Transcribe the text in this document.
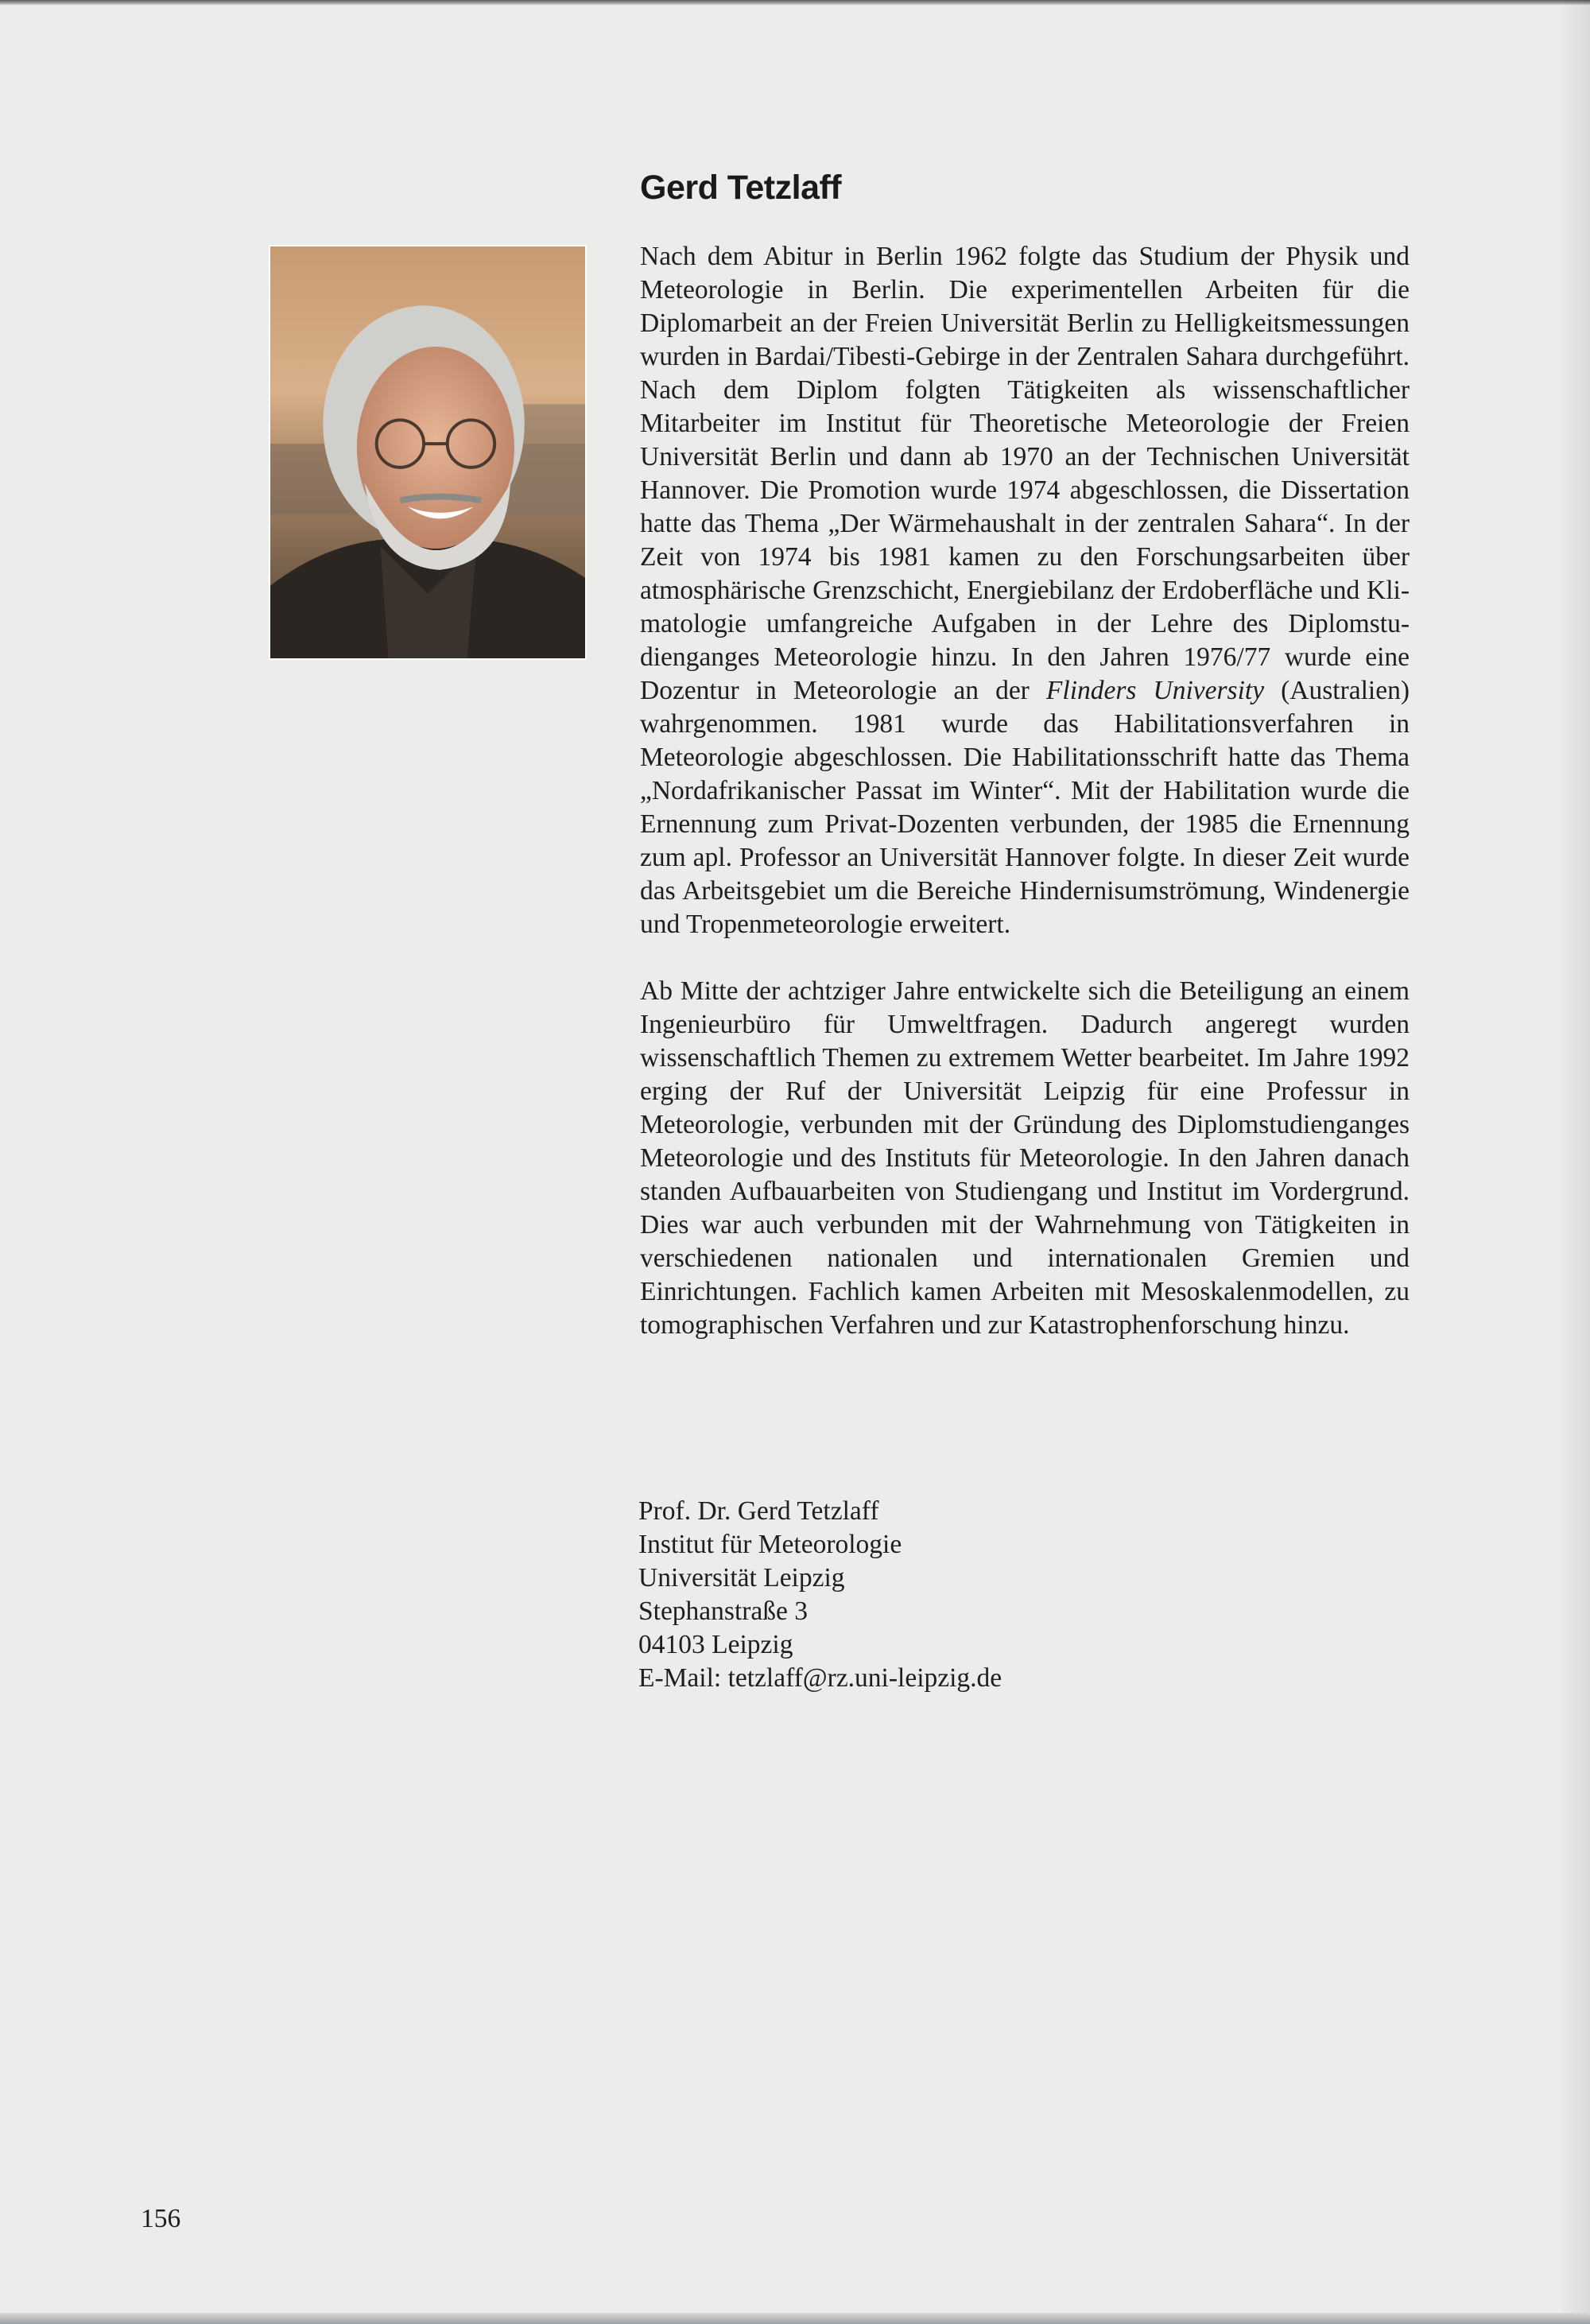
Gerd Tetzlaff

Nach dem Abitur in Berlin 1962 folgte das Studium der Physik und Meteorologie in Berlin. Die experimentellen Arbeiten für die Diplomarbeit an der Freien Universität Berlin zu Helligkeitsmessungen wurden in Bardai/Tibesti-Gebirge in der Zentralen Sahara durchgeführt. Nach dem Diplom folgten Tätigkeiten als wissenschaftlicher Mitarbeiter im Institut für Theoretische Meteorologie der Freien Universität Berlin und dann ab 1970 an der Technischen Universität Hannover. Die Promotion wurde 1974 abgeschlossen, die Dissertation hatte das Thema „Der Wärmehaushalt in der zentralen Sahara“. In der Zeit von 1974 bis 1981 kamen zu den Forschungsarbeiten über atmosphärische Grenzschicht, Energiebilanz der Erdoberfläche und Klimatologie umfangreiche Aufgaben in der Lehre des Diplomstudienganges Meteorologie hinzu. In den Jahren 1976/77 wurde eine Dozentur in Meteorologie an der Flinders University (Australien) wahrgenommen. 1981 wurde das Habilitationsverfahren in Meteorologie abgeschlossen. Die Habilitationsschrift hatte das Thema „Nordafrikanischer Passat im Winter“. Mit der Habilitation wurde die Ernennung zum Privat-Dozenten verbunden, der 1985 die Ernennung zum apl. Professor an Universität Hannover folgte. In dieser Zeit wurde das Arbeitsgebiet um die Bereiche Hindernisumströmung, Windenergie und Tropenmeteorologie erweitert.

Ab Mitte der achtziger Jahre entwickelte sich die Beteiligung an einem Ingenieurbüro für Umweltfragen. Dadurch angeregt wurden wissenschaftlich Themen zu extremem Wetter bearbeitet. Im Jahre 1992 erging der Ruf der Universität Leipzig für eine Professur in Meteorologie, verbunden mit der Gründung des Diplomstudienganges Meteorologie und des Instituts für Meteorologie. In den Jahren danach standen Aufbauarbeiten von Studiengang und Institut im Vordergrund. Dies war auch verbunden mit der Wahrnehmung von Tätigkeiten in verschiedenen nationalen und internationalen Gremien und Einrichtungen. Fachlich kamen Arbeiten mit Mesoskalenmodellen, zu tomographischen Verfahren und zur Katastrophenforschung hinzu.

Prof. Dr. Gerd Tetzlaff
Institut für Meteorologie
Universität Leipzig
Stephanstraße 3
04103 Leipzig
E-Mail: tetzlaff@rz.uni-leipzig.de
156
